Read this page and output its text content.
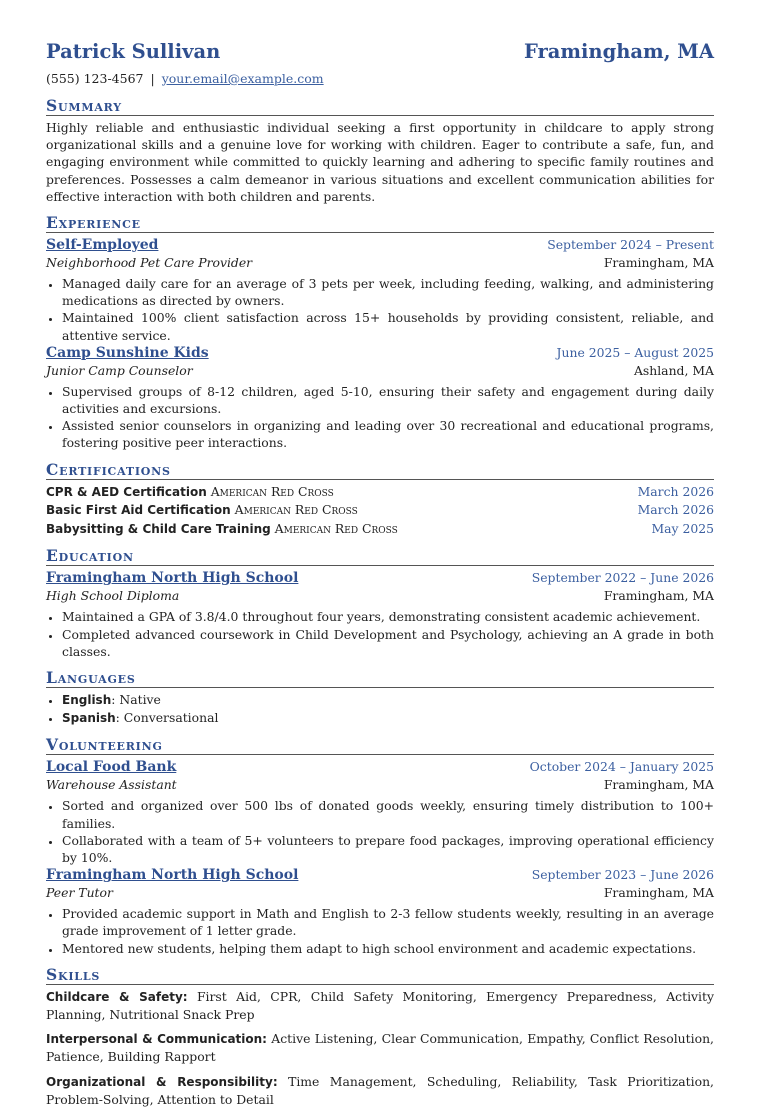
Patrick Sullivan	Framingham, MA
(555) 123-4567 | your.email@example.com
Summary
Highly reliable and enthusiastic individual seeking a first opportunity in childcare to apply strong organizational skills and a genuine love for working with children. Eager to contribute a safe, fun, and engaging environment while committed to quickly learning and adhering to specific family routines and preferences. Possesses a calm demeanor in various situations and excellent communication abilities for effective interaction with both children and parents.
Experience
Self-Employed	September 2024 – Present
Neighborhood Pet Care Provider	Framingham, MA
• Managed daily care for an average of 3 pets per week, including feeding, walking, and administering medications as directed by owners.
• Maintained 100% client satisfaction across 15+ households by providing consistent, reliable, and attentive service.
Camp Sunshine Kids	June 2025 – August 2025
Junior Camp Counselor	Ashland, MA
• Supervised groups of 8-12 children, aged 5-10, ensuring their safety and engagement during daily activities and excursions.
• Assisted senior counselors in organizing and leading over 30 recreational and educational programs, fostering positive peer interactions.
Certifications
CPR & AED Certification American Red Cross	March 2026
Basic First Aid Certification American Red Cross	March 2026
Babysitting & Child Care Training American Red Cross	May 2025
Education
Framingham North High School	September 2022 – June 2026
High School Diploma	Framingham, MA
• Maintained a GPA of 3.8/4.0 throughout four years, demonstrating consistent academic achievement.
• Completed advanced coursework in Child Development and Psychology, achieving an A grade in both classes.
Languages
• English: Native
• Spanish: Conversational
Volunteering
Local Food Bank	October 2024 – January 2025
Warehouse Assistant	Framingham, MA
• Sorted and organized over 500 lbs of donated goods weekly, ensuring timely distribution to 100+ families.
• Collaborated with a team of 5+ volunteers to prepare food packages, improving operational efficiency by 10%.
Framingham North High School	September 2023 – June 2026
Peer Tutor	Framingham, MA
• Provided academic support in Math and English to 2-3 fellow students weekly, resulting in an average grade improvement of 1 letter grade.
• Mentored new students, helping them adapt to high school environment and academic expectations.
Skills
Childcare & Safety: First Aid, CPR, Child Safety Monitoring, Emergency Preparedness, Activity Planning, Nutritional Snack Prep
Interpersonal & Communication: Active Listening, Clear Communication, Empathy, Conflict Resolution, Patience, Building Rapport
Organizational & Responsibility: Time Management, Scheduling, Reliability, Task Prioritization, Problem-Solving, Attention to Detail
